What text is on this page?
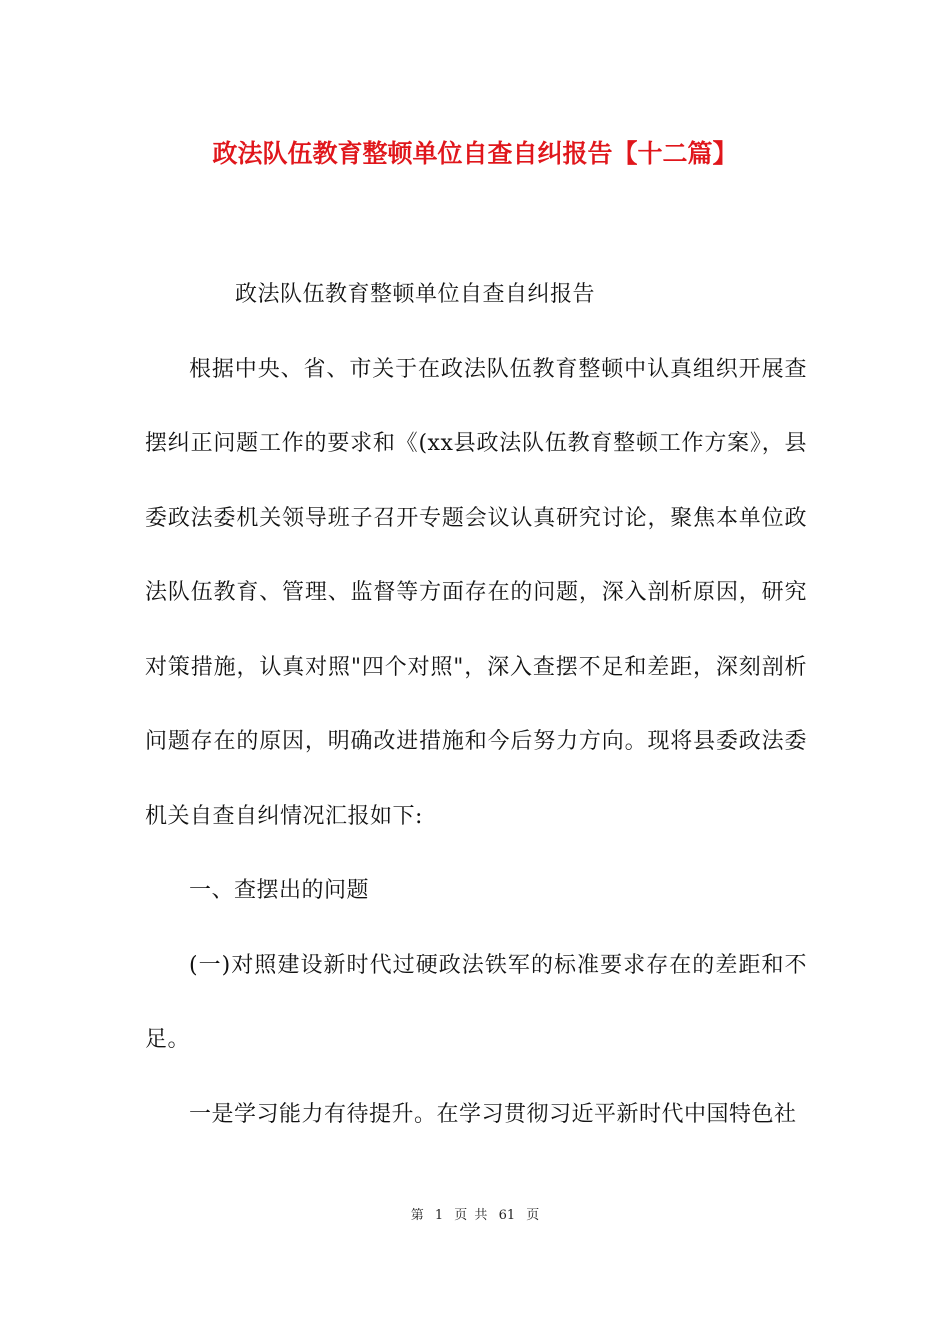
政法队伍教育整顿单位自查自纠报告【十二篇】

政法队伍教育整顿单位自查自纠报告

根据中央、省、市关于在政法队伍教育整顿中认真组织开展查摆纠正问题工作的要求和《(xx县政法队伍教育整顿工作方案》，县委政法委机关领导班子召开专题会议认真研究讨论，聚焦本单位政法队伍教育、管理、监督等方面存在的问题，深入剖析原因，研究对策措施，认真对照"四个对照"，深入查摆不足和差距，深刻剖析问题存在的原因，明确改进措施和今后努力方向。现将县委政法委机关自查自纠情况汇报如下:

一、查摆出的问题

(一)对照建设新时代过硬政法铁军的标准要求存在的差距和不足。

一是学习能力有待提升。在学习贯彻习近平新时代中国特色社

第 1 页 共 61 页
